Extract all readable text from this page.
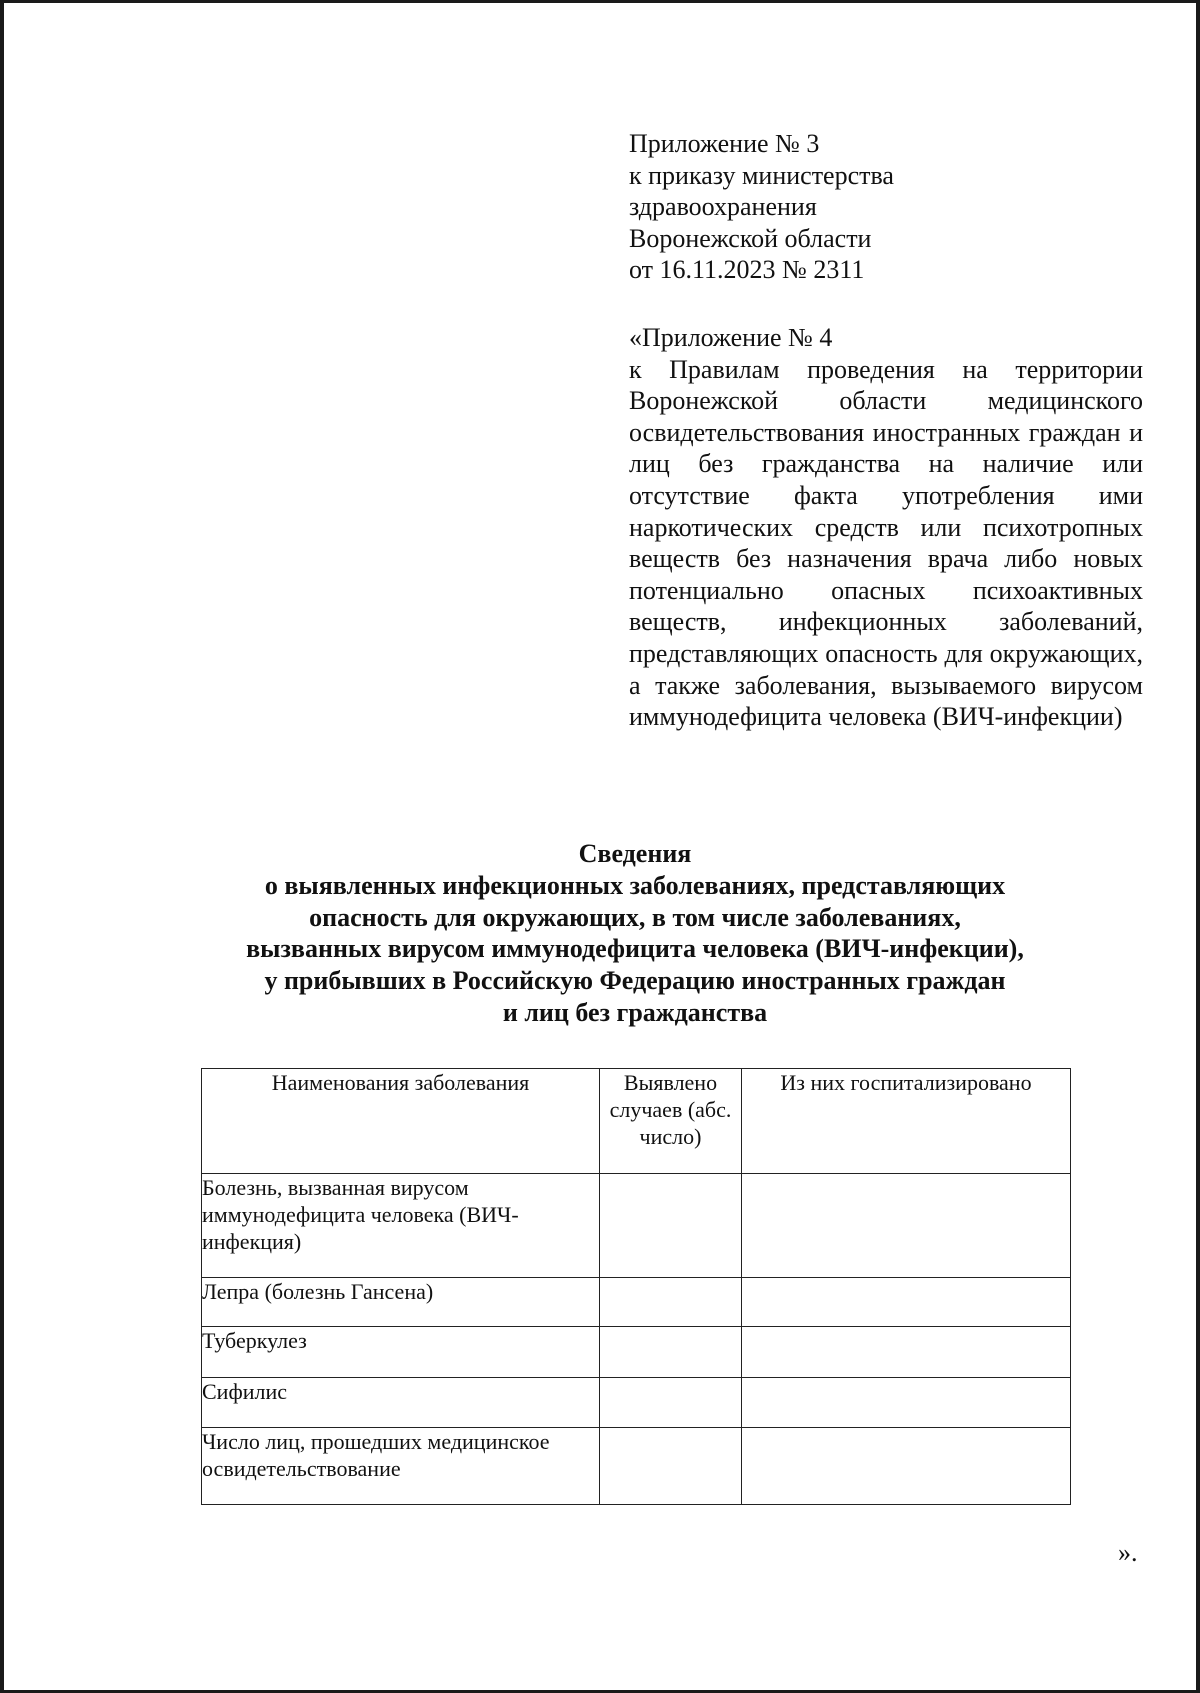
Приложение № 3
к приказу министерства
здравоохранения
Воронежской области
от 16.11.2023 № 2311
«Приложение № 4
к Правилам проведения на территории Воронежской области медицинского освидетельствования иностранных граждан и лиц без гражданства на наличие или отсутствие факта употребления ими наркотических средств или психотропных веществ без назначения врача либо новых потенциально опасных психоактивных веществ, инфекционных заболеваний, представляющих опасность для окружающих, а также заболевания, вызываемого вирусом иммунодефицита человека (ВИЧ-инфекции)
Сведения
о выявленных инфекционных заболеваниях, представляющих
опасность для окружающих, в том числе заболеваниях,
вызванных вирусом иммунодефицита человека (ВИЧ-инфекции),
у прибывших в Российскую Федерацию иностранных граждан
и лиц без гражданства
Наименования заболевания	Выявлено случаев (абс. число)	Из них госпитализировано
Болезнь, вызванная вирусом иммунодефицита человека (ВИЧ-инфекция)		
Лепра (болезнь Гансена)		
Туберкулез		
Сифилис		
Число лиц, прошедших медицинское освидетельствование		
».
